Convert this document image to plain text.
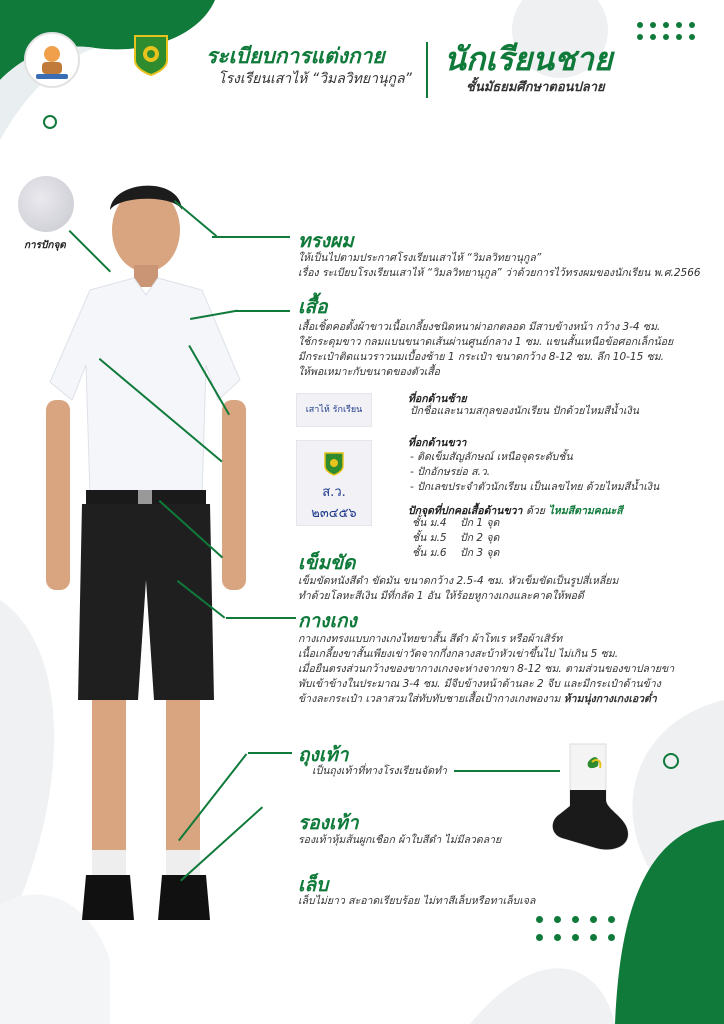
ระเบียบการแต่งกาย
โรงเรียนเสาไห้ “วิมลวิทยานุกูล”
นักเรียนชาย
ชั้นมัธยมศึกษาตอนปลาย
การปักจุด	ทรงผม
ให้เป็นไปตามประกาศโรงเรียนเสาไห้ “วิมลวิทยานุกูล”
เรื่อง ระเบียบโรงเรียนเสาไห้ “วิมลวิทยานุกูล” ว่าด้วยการไว้ทรงผมของนักเรียน พ.ศ.2566
เสื้อ
เสื้อเชิ้ตคอตั้งผ้าขาวเนื้อเกลี้ยงชนิดหนาผ่าอกตลอด มีสาบข้างหน้า กว้าง 3-4 ซม.
ใช้กระดุมขาว กลมแบนขนาดเส้นผ่านศูนย์กลาง 1 ซม. แขนสั้นเหนือข้อศอกเล็กน้อย
มีกระเป๋าติดแนวราวนมเบื้องซ้าย 1 กระเป๋า ขนาดกว้าง 8-12 ซม. ลึก 10-15 ซม.
ให้พอเหมาะกับขนาดของตัวเสื้อ
เสาไห้ รักเรียน
ที่อกด้านซ้าย
ปักชื่อและนามสกุลของนักเรียน ปักด้วยไหมสีน้ำเงิน
ส.ว.
๒๓๔๕๖
ที่อกด้านขวา
- ติดเข็มสัญลักษณ์ เหนือจุดระดับชั้น
- ปักอักษรย่อ ส.ว.
- ปักเลขประจำตัวนักเรียน เป็นเลขไทย ด้วยไหมสีน้ำเงิน
ปักจุดที่ปกคอเสื้อด้านขวา ด้วย ไหมสีตามคณะสี
ชั้น ม.4 ปัก 1 จุด
ชั้น ม.5 ปัก 2 จุด
ชั้น ม.6 ปัก 3 จุด
เข็มขัด
เข็มขัดหนังสีดำ ขัดมัน ขนาดกว้าง 2.5-4 ซม. หัวเข็มขัดเป็นรูปสี่เหลี่ยม
ทำด้วยโลหะสีเงิน มีที่กลัด 1 อัน ให้ร้อยหูกางเกงและคาดให้พอดี
กางเกง
กางเกงทรงแบบกางเกงไทยขาสั้น สีดำ ผ้าโทเร หรือผ้าเสิร์ท
เนื้อเกลี้ยงขาสั้นเพียงเข่าวัดจากกึ่งกลางสะบ้าหัวเข่าขึ้นไป ไม่เกิน 5 ซม.
เมื่อยืนตรงส่วนกว้างของขากางเกงจะห่างจากขา 8-12 ซม. ตามส่วนของขาปลายขา
พับเข้าข้างในประมาณ 3-4 ซม. มีจีบข้างหน้าด้านละ 2 จีบ และมีกระเป๋าด้านข้าง
ข้างละกระเป๋า เวลาสวมใส่ทับทับชายเสื้อเป้ากางเกงพองาม ห้ามนุ่งกางเกงเอวต่ำ
ถุงเท้า
เป็นถุงเท้าที่ทางโรงเรียนจัดทำ
รองเท้า
รองเท้าหุ้มส้นผูกเชือก ผ้าใบสีดำ ไม่มีลวดลาย
เล็บ
เล็บไม่ยาว สะอาดเรียบร้อย ไม่ทาสีเล็บหรือทาเล็บเจล
